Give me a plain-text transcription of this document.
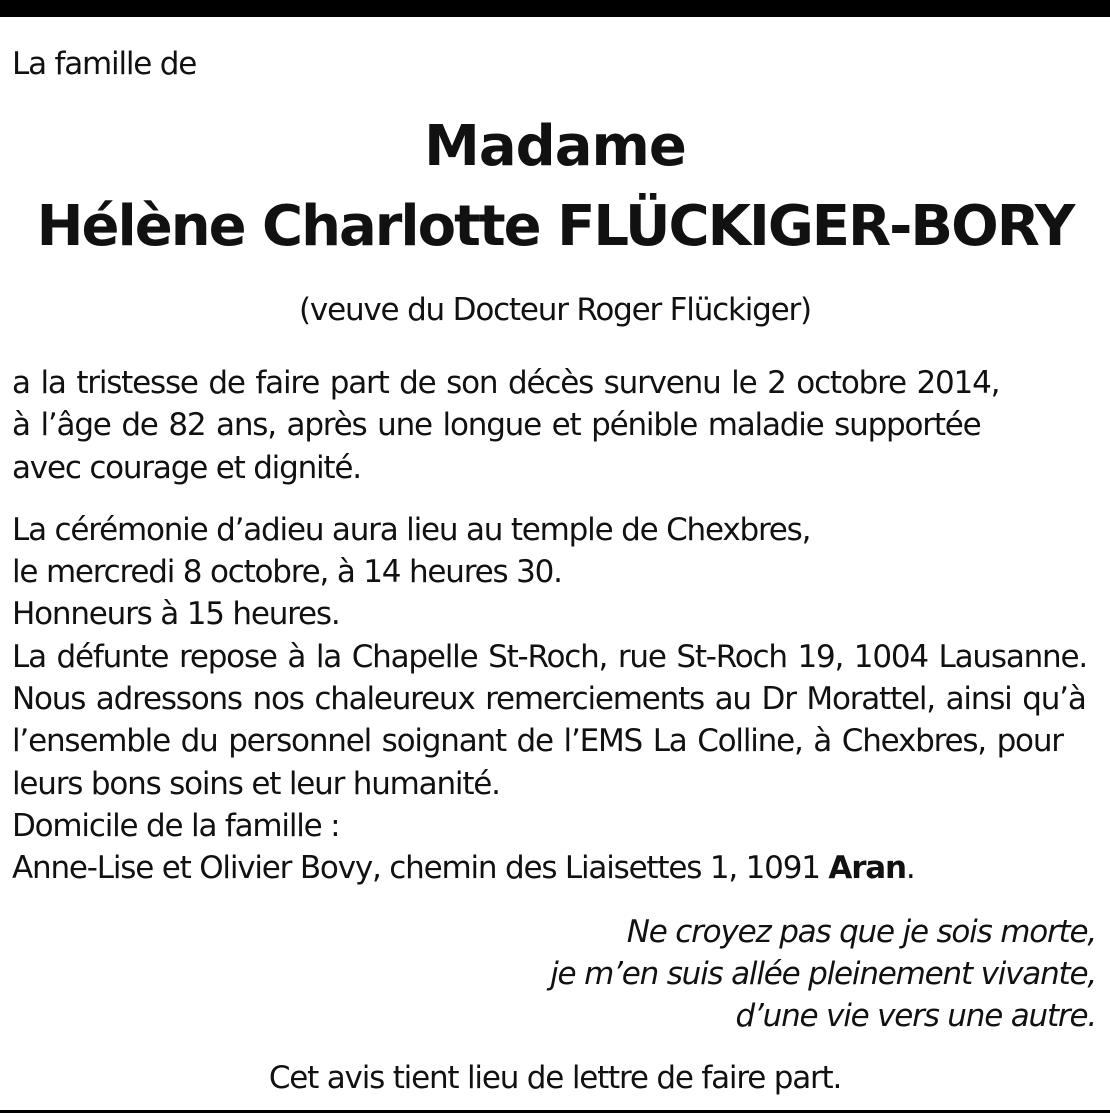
La famille de
Madame
Hélène Charlotte FLÜCKIGER-BORY
(veuve du Docteur Roger Flückiger)
a la tristesse de faire part de son décès survenu le 2 octobre 2014,
à l’âge de 82 ans, après une longue et pénible maladie supportée
avec courage et dignité.
La cérémonie d’adieu aura lieu au temple de Chexbres,
le mercredi 8 octobre, à 14 heures 30.
Honneurs à 15 heures.
La défunte repose à la Chapelle St-Roch, rue St-Roch 19, 1004 Lausanne.
Nous adressons nos chaleureux remerciements au Dr Morattel, ainsi qu’à
l’ensemble du personnel soignant de l’EMS La Colline, à Chexbres, pour
leurs bons soins et leur humanité.
Domicile de la famille :
Anne-Lise et Olivier Bovy, chemin des Liaisettes 1, 1091 Aran.
Ne croyez pas que je sois morte,
je m’en suis allée pleinement vivante,
d’une vie vers une autre.
Cet avis tient lieu de lettre de faire part.
